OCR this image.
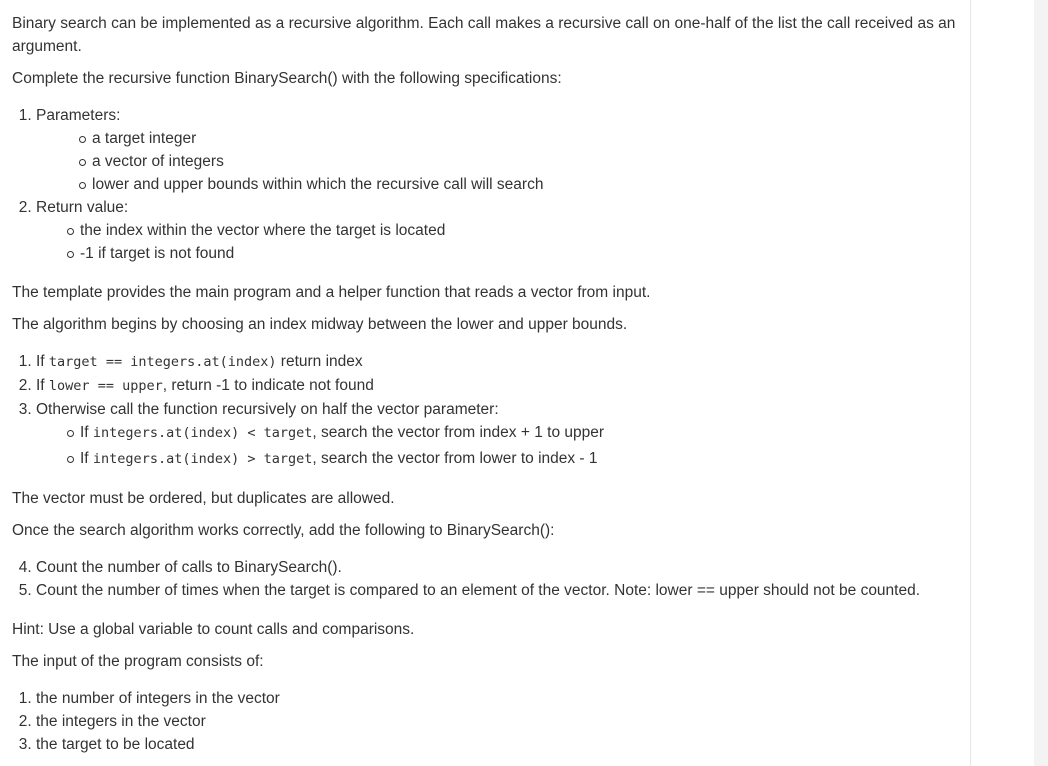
Binary search can be implemented as a recursive algorithm. Each call makes a recursive call on one-half of the list the call received as an argument.

Complete the recursive function BinarySearch() with the following specifications:

1. Parameters:
a target integer
a vector of integers
lower and upper bounds within which the recursive call will search
2. Return value:
the index within the vector where the target is located
-1 if target is not found

The template provides the main program and a helper function that reads a vector from input.

The algorithm begins by choosing an index midway between the lower and upper bounds.

1. If target == integers.at(index) return index
2. If lower == upper, return -1 to indicate not found
3. Otherwise call the function recursively on half the vector parameter:
If integers.at(index) < target, search the vector from index + 1 to upper
If integers.at(index) > target, search the vector from lower to index - 1

The vector must be ordered, but duplicates are allowed.

Once the search algorithm works correctly, add the following to BinarySearch():

4. Count the number of calls to BinarySearch().
5. Count the number of times when the target is compared to an element of the vector. Note: lower == upper should not be counted.

Hint: Use a global variable to count calls and comparisons.

The input of the program consists of:

1. the number of integers in the vector
2. the integers in the vector
3. the target to be located
